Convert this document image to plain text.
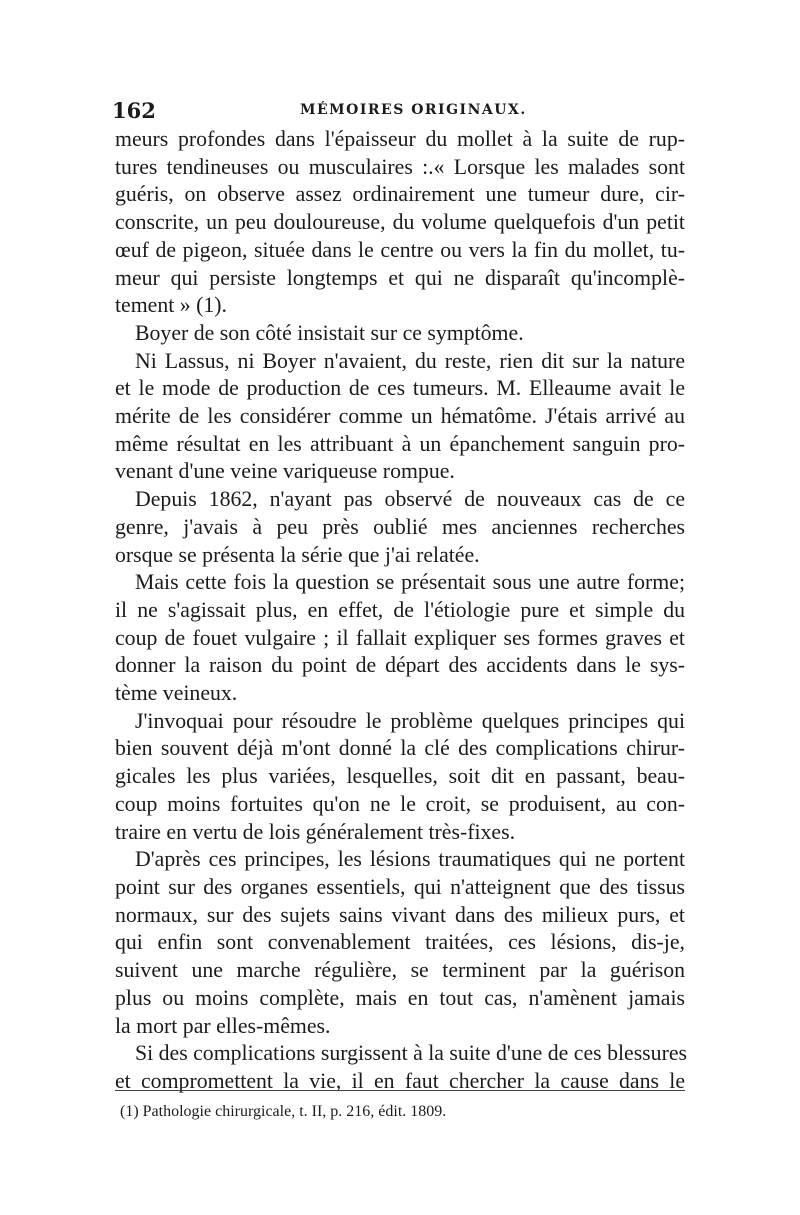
162	MÉMOIRES ORIGINAUX.
meurs profondes dans l'épaisseur du mollet à la suite de rup-
tures tendineuses ou musculaires :.« Lorsque les malades sont
guéris, on observe assez ordinairement une tumeur dure, cir-
conscrite, un peu douloureuse, du volume quelquefois d'un petit
œuf de pigeon, située dans le centre ou vers la fin du mollet, tu-
meur qui persiste longtemps et qui ne disparaît qu'incomplè-
tement » (1).
Boyer de son côté insistait sur ce symptôme.
Ni Lassus, ni Boyer n'avaient, du reste, rien dit sur la nature
et le mode de production de ces tumeurs. M. Elleaume avait le
mérite de les considérer comme un hématôme. J'étais arrivé au
même résultat en les attribuant à un épanchement sanguin pro-
venant d'une veine variqueuse rompue.
Depuis 1862, n'ayant pas observé de nouveaux cas de ce
genre, j'avais à peu près oublié mes anciennes recherches
orsque se présenta la série que j'ai relatée.
Mais cette fois la question se présentait sous une autre forme;
il ne s'agissait plus, en effet, de l'étiologie pure et simple du
coup de fouet vulgaire ; il fallait expliquer ses formes graves et
donner la raison du point de départ des accidents dans le sys-
tème veineux.
J'invoquai pour résoudre le problème quelques principes qui
bien souvent déjà m'ont donné la clé des complications chirur-
gicales les plus variées, lesquelles, soit dit en passant, beau-
coup moins fortuites qu'on ne le croit, se produisent, au con-
traire en vertu de lois généralement très-fixes.
D'après ces principes, les lésions traumatiques qui ne portent
point sur des organes essentiels, qui n'atteignent que des tissus
normaux, sur des sujets sains vivant dans des milieux purs, et
qui enfin sont convenablement traitées, ces lésions, dis-je,
suivent une marche régulière, se terminent par la guérison
plus ou moins complète, mais en tout cas, n'amènent jamais
la mort par elles-mêmes.
Si des complications surgissent à la suite d'une de ces blessures
et compromettent la vie, il en faut chercher la cause dans le
(1) Pathologie chirurgicale, t. II, p. 216, édit. 1809.
